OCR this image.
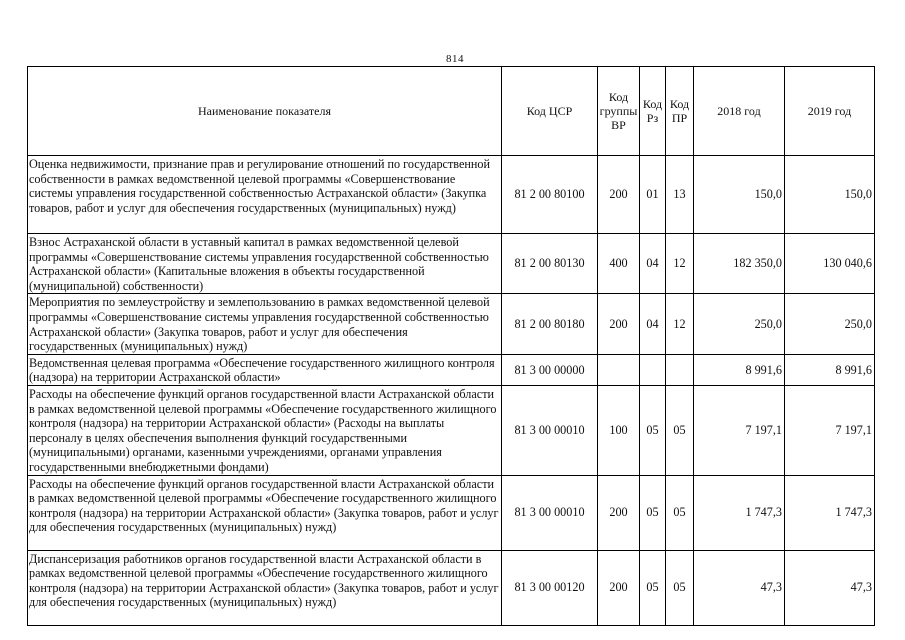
814
Наименование показателя	Код ЦСР	Код группы ВР	Код Рз	Код ПР	2018 год	2019 год
Оценка недвижимости, признание прав и регулирование отношений по государственной собственности в рамках ведомственной целевой программы «Совершенствование системы управления государственной собственностью Астраханской области» (Закупка товаров, работ и услуг для обеспечения государственных (муниципальных) нужд)	81 2 00 80100	200	01	13	150,0	150,0
Взнос Астраханской области в уставный капитал в рамках ведомственной целевой программы «Совершенствование системы управления государственной собственностью Астраханской области» (Капитальные вложения в объекты государственной (муниципальной) собственности)	81 2 00 80130	400	04	12	182 350,0	130 040,6
Мероприятия по землеустройству и землепользованию в рамках ведомственной целевой программы «Совершенствование системы управления государственной собственностью Астраханской области» (Закупка товаров, работ и услуг для обеспечения государственных (муниципальных) нужд)	81 2 00 80180	200	04	12	250,0	250,0
Ведомственная целевая программа «Обеспечение государственного жилищного контроля (надзора) на территории Астраханской области»	81 3 00 00000				8 991,6	8 991,6
Расходы на обеспечение функций органов государственной власти Астраханской области в рамках ведомственной целевой программы «Обеспечение государственного жилищного контроля (надзора) на территории Астраханской области» (Расходы на выплаты персоналу в целях обеспечения выполнения функций государственными (муниципальными) органами, казенными учреждениями, органами управления государственными внебюджетными фондами)	81 3 00 00010	100	05	05	7 197,1	7 197,1
Расходы на обеспечение функций органов государственной власти Астраханской области в рамках ведомственной целевой программы «Обеспечение государственного жилищного контроля (надзора) на территории Астраханской области» (Закупка товаров, работ и услуг для обеспечения государственных (муниципальных) нужд)	81 3 00 00010	200	05	05	1 747,3	1 747,3
Диспансеризация работников органов государственной власти Астраханской области в рамках ведомственной целевой программы «Обеспечение государственного жилищного контроля (надзора) на территории Астраханской области» (Закупка товаров, работ и услуг для обеспечения государственных (муниципальных) нужд)	81 3 00 00120	200	05	05	47,3	47,3
